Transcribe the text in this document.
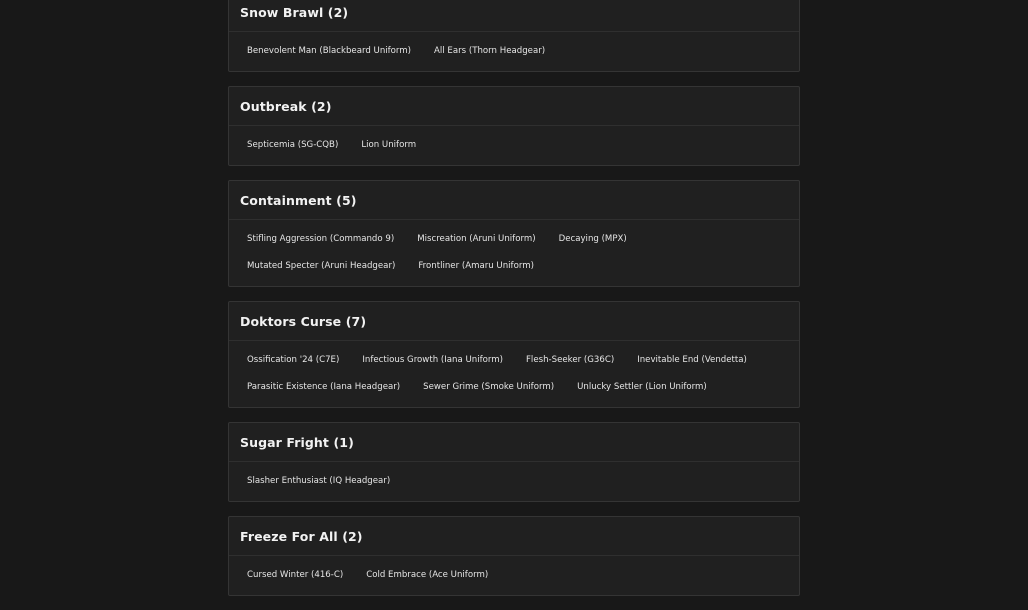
Snow Brawl (2)
Benevolent Man (Blackbeard Uniform)	All Ears (Thorn Headgear)
Outbreak (2)
Septicemia (SG-CQB)	Lion Uniform
Containment (5)
Stifling Aggression (Commando 9)	Miscreation (Aruni Uniform)	Decaying (MPX)
Mutated Specter (Aruni Headgear)	Frontliner (Amaru Uniform)
Doktors Curse (7)
Ossification '24 (C7E)	Infectious Growth (Iana Uniform)	Flesh-Seeker (G36C)	Inevitable End (Vendetta)
Parasitic Existence (Iana Headgear)	Sewer Grime (Smoke Uniform)	Unlucky Settler (Lion Uniform)
Sugar Fright (1)
Slasher Enthusiast (IQ Headgear)
Freeze For All (2)
Cursed Winter (416-C)	Cold Embrace (Ace Uniform)
